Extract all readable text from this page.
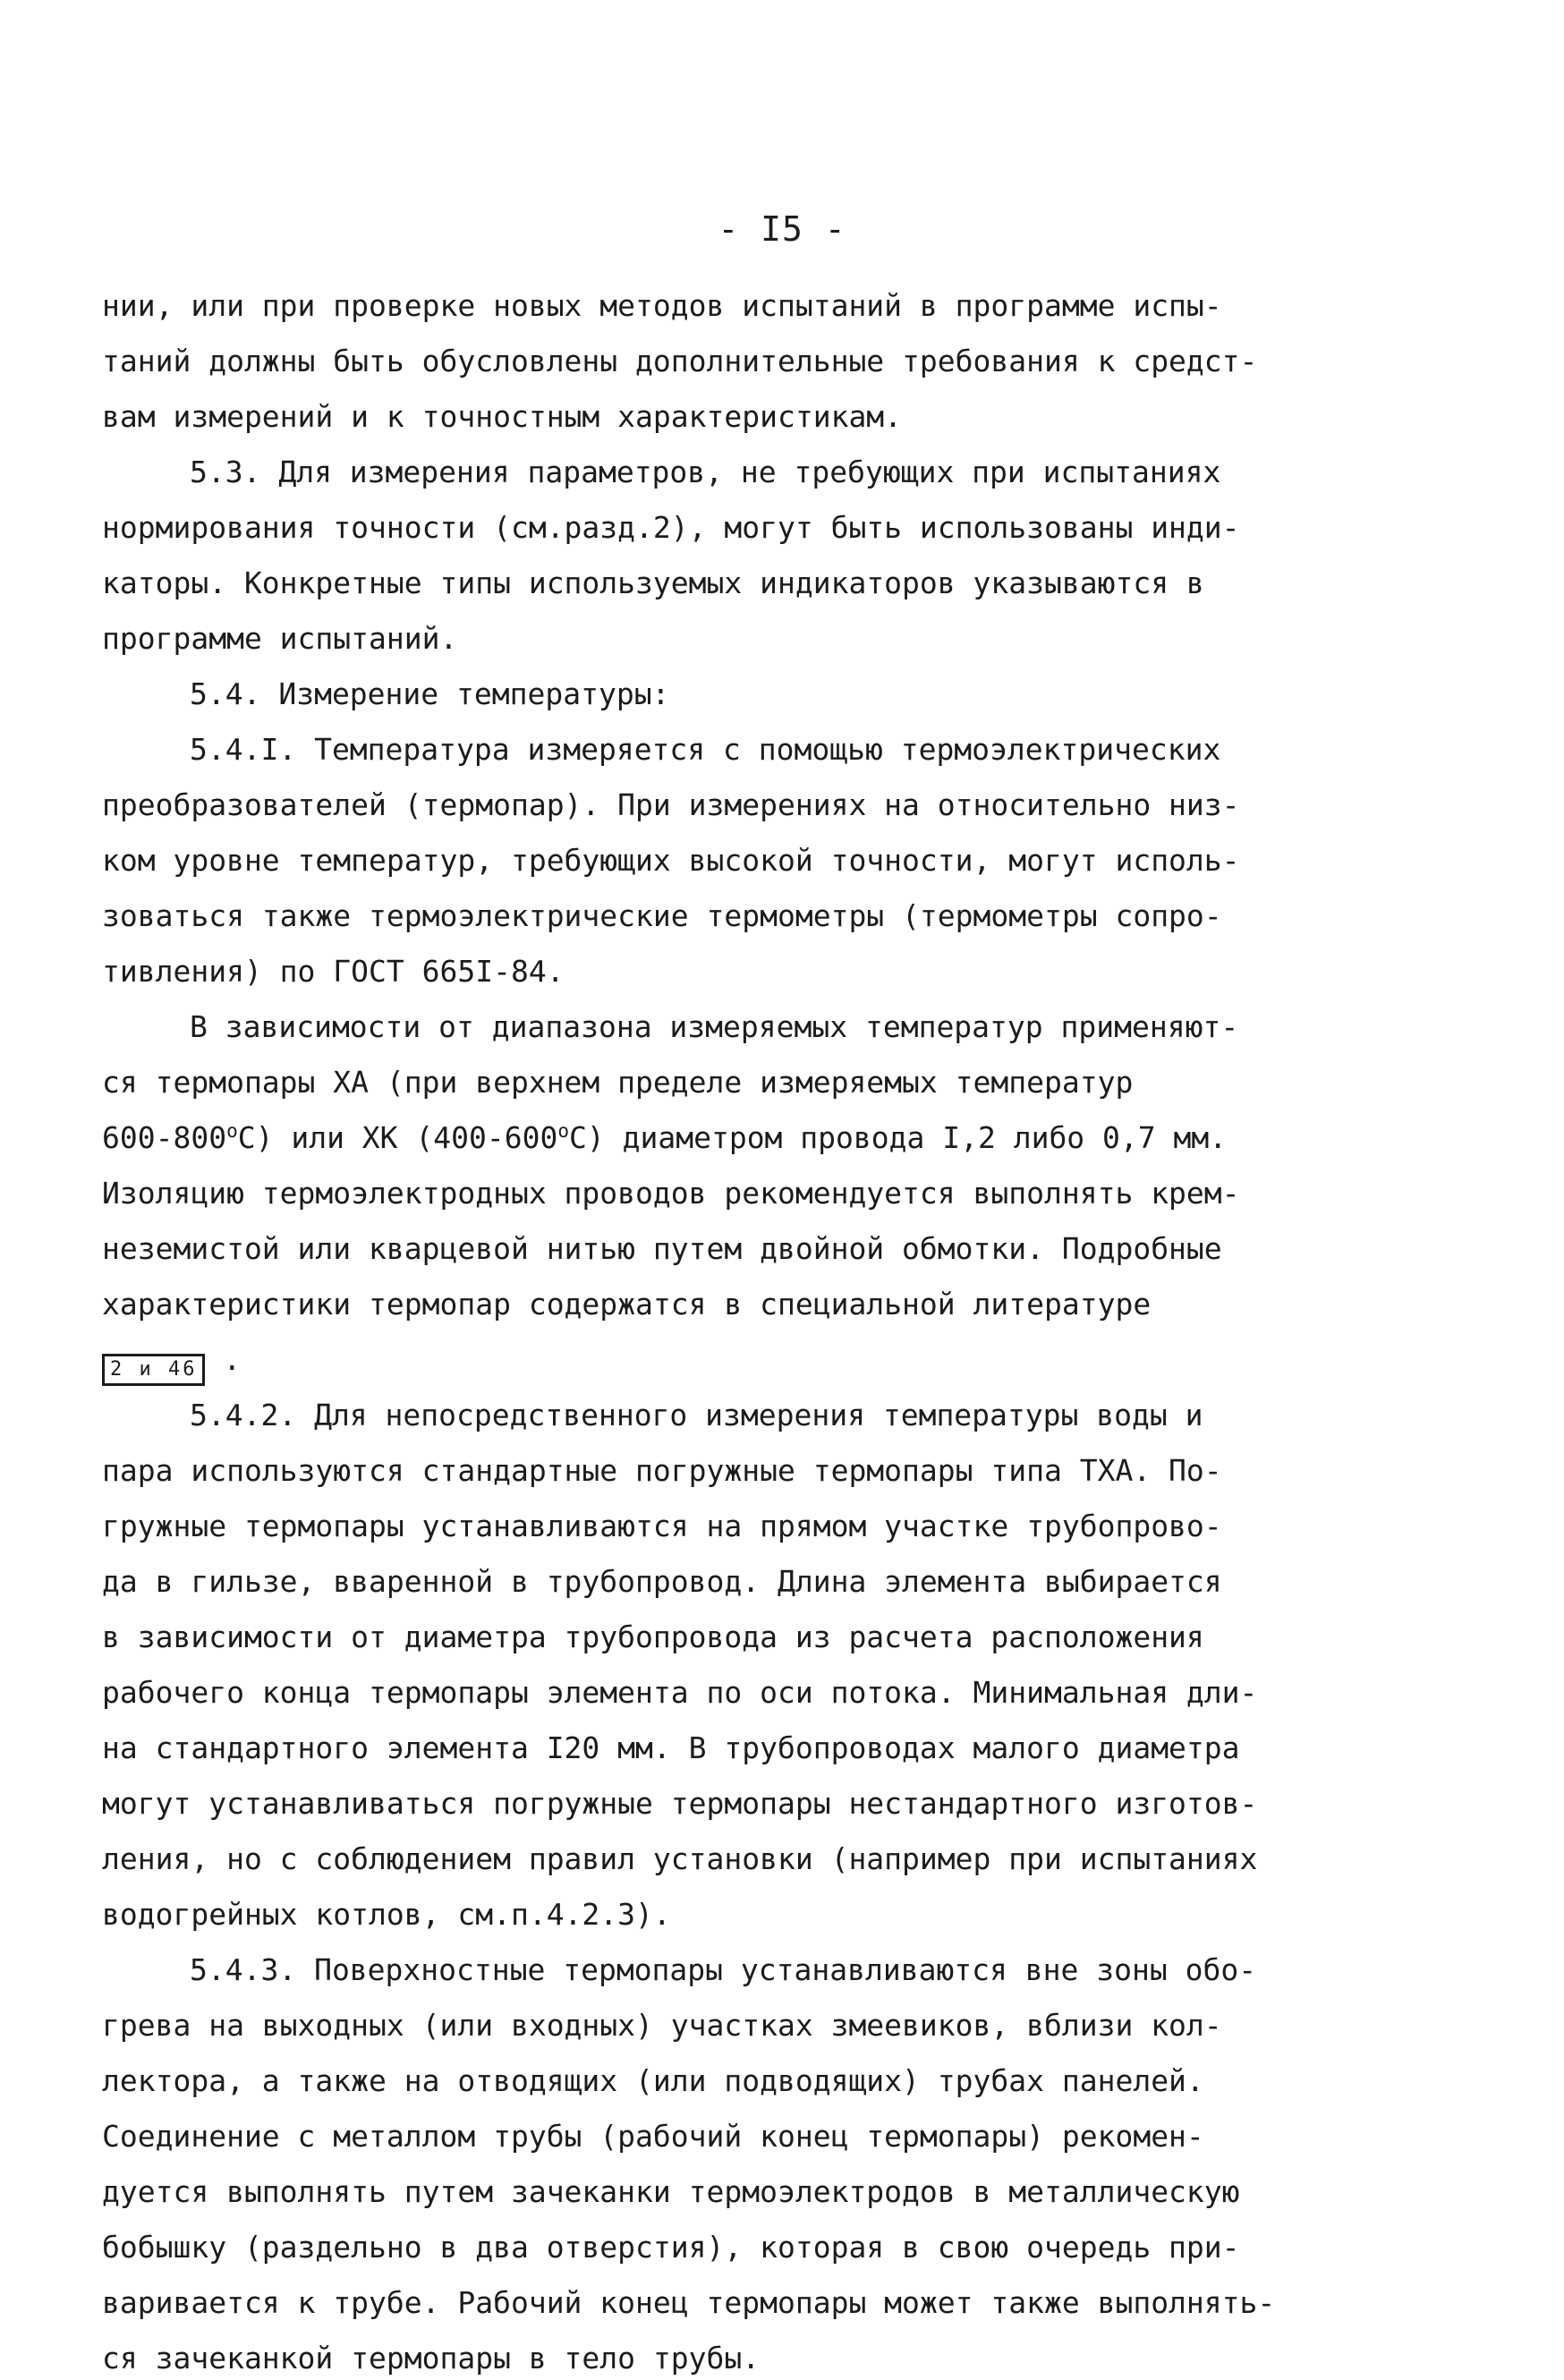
- I5 -
нии, или при проверке новых методов испытаний в программе испы-
таний должны быть обусловлены дополнительные требования к средст-
вам измерений и к точностным характеристикам.
5.3. Для измерения параметров, не требующих при испытаниях
нормирования точности (см.разд.2), могут быть использованы инди-
каторы. Конкретные типы используемых индикаторов указываются в
программе испытаний.
5.4. Измерение температуры:
5.4.I. Температура измеряется с помощью термоэлектрических
преобразователей (термопар). При измерениях на относительно низ-
ком уровне температур, требующих высокой точности, могут исполь-
зоваться также термоэлектрические термометры (термометры сопро-
тивления) по ГОСТ 665I-84.
В зависимости от диапазона измеряемых температур применяют-
ся термопары ХА (при верхнем пределе измеряемых температур
$600-800^оС$) или ХК $(400-600^оС)$ диаметром провода I,2 либо 0,7 мм.
Изоляцию термоэлектродных проводов рекомендуется выполнять крем-
неземистой или кварцевой нитью путем двойной обмотки. Подробные
характеристики термопар содержатся в специальной литературе
2 и 46 .
5.4.2. Для непосредственного измерения температуры воды и
пара используются стандартные погружные термопары типа ТХА. По-
гружные термопары устанавливаются на прямом участке трубопрово-
да в гильзе, вваренной в трубопровод. Длина элемента выбирается
в зависимости от диаметра трубопровода из расчета расположения
рабочего конца термопары элемента по оси потока. Минимальная дли-
на стандартного элемента I20 мм. В трубопроводах малого диаметра
могут устанавливаться погружные термопары нестандартного изготов-
ления, но с соблюдением правил установки (например при испытаниях
водогрейных котлов, см.п.4.2.3).
5.4.3. Поверхностные термопары устанавливаются вне зоны обо-
грева на выходных (или входных) участках змеевиков, вблизи кол-
лектора, а также на отводящих (или подводящих) трубах панелей.
Соединение с металлом трубы (рабочий конец термопары) рекомен-
дуется выполнять путем зачеканки термоэлектродов в металлическую
бобышку (раздельно в два отверстия), которая в свою очередь при-
варивается к трубе. Рабочий конец термопары может также выполнять-
ся зачеканкой термопары в тело трубы.
